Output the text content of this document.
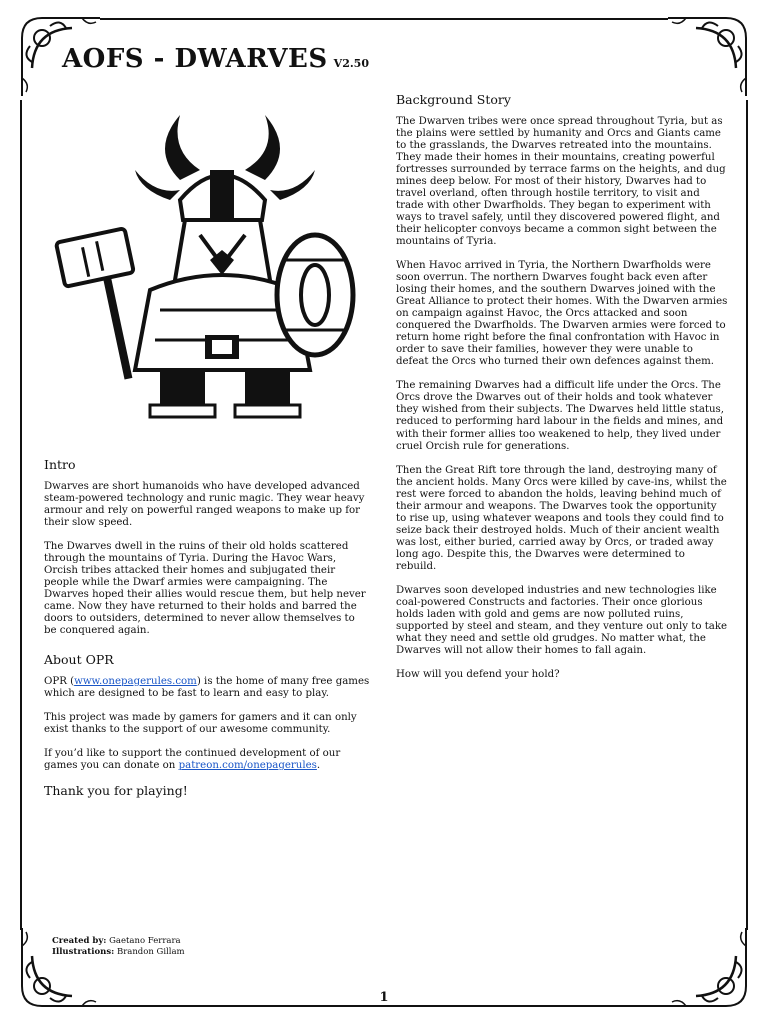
AOFS - DWARVES V2.50
Intro

Dwarves are short humanoids who have developed advanced steam-powered technology and runic magic. They wear heavy armour and rely on powerful ranged weapons to make up for their slow speed.

The Dwarves dwell in the ruins of their old holds scattered through the mountains of Tyria. During the Havoc Wars, Orcish tribes attacked their homes and subjugated their people while the Dwarf armies were campaigning. The Dwarves hoped their allies would rescue them, but help never came. Now they have returned to their holds and barred the doors to outsiders, determined to never allow themselves to be conquered again.

About OPR

OPR (www.onepagerules.com) is the home of many free games which are designed to be fast to learn and easy to play.

This project was made by gamers for gamers and it can only exist thanks to the support of our awesome community.

If you’d like to support the continued development of our games you can donate on patreon.com/onepagerules.

Thank you for playing!
Background Story

The Dwarven tribes were once spread throughout Tyria, but as the plains were settled by humanity and Orcs and Giants came to the grasslands, the Dwarves retreated into the mountains. They made their homes in their mountains, creating powerful fortresses surrounded by terrace farms on the heights, and dug mines deep below. For most of their history, Dwarves had to travel overland, often through hostile territory, to visit and trade with other Dwarfholds. They began to experiment with ways to travel safely, until they discovered powered flight, and their helicopter convoys became a common sight between the mountains of Tyria.

When Havoc arrived in Tyria, the Northern Dwarfholds were soon overrun. The northern Dwarves fought back even after losing their homes, and the southern Dwarves joined with the Great Alliance to protect their homes. With the Dwarven armies on campaign against Havoc, the Orcs attacked and soon conquered the Dwarfholds. The Dwarven armies were forced to return home right before the final confrontation with Havoc in order to save their families, however they were unable to defeat the Orcs who turned their own defences against them.

The remaining Dwarves had a difficult life under the Orcs. The Orcs drove the Dwarves out of their holds and took whatever they wished from their subjects. The Dwarves held little status, reduced to performing hard labour in the fields and mines, and with their former allies too weakened to help, they lived under cruel Orcish rule for generations.

Then the Great Rift tore through the land, destroying many of the ancient holds. Many Orcs were killed by cave-ins, whilst the rest were forced to abandon the holds, leaving behind much of their armour and weapons. The Dwarves took the opportunity to rise up, using whatever weapons and tools they could find to seize back their destroyed holds. Much of their ancient wealth was lost, either buried, carried away by Orcs, or traded away long ago. Despite this, the Dwarves were determined to rebuild.

Dwarves soon developed industries and new technologies like coal-powered Constructs and factories. Their once glorious holds laden with gold and gems are now polluted ruins, supported by steel and steam, and they venture out only to take what they need and settle old grudges. No matter what, the Dwarves will not allow their homes to fall again.

How will you defend your hold?

Created by: Gaetano Ferrara
Illustrations: Brandon Gillam
1
